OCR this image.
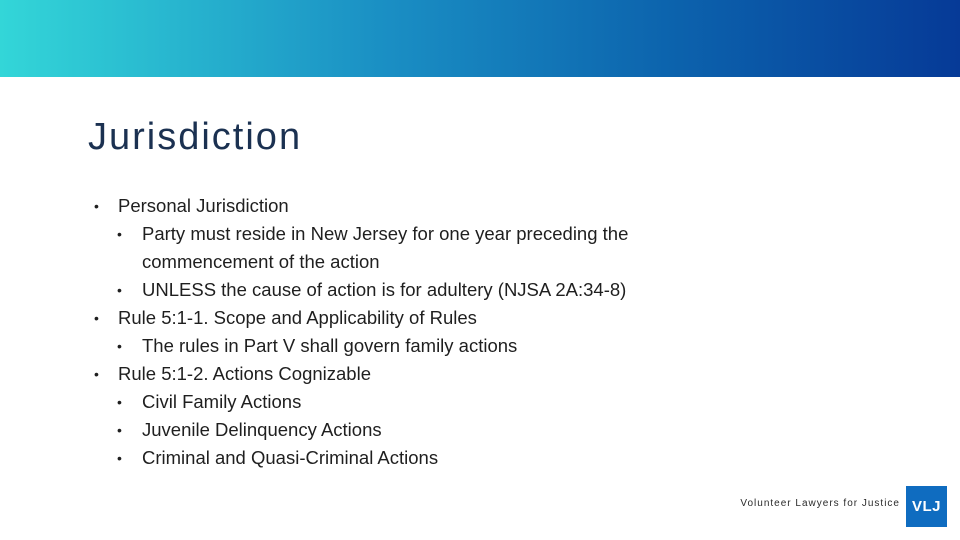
Jurisdiction
• Personal Jurisdiction
• Party must reside in New Jersey for one year preceding the commencement of the action
• UNLESS the cause of action is for adultery (NJSA 2A:34-8)
• Rule 5:1-1. Scope and Applicability of Rules
• The rules in Part V shall govern family actions
• Rule 5:1-2. Actions Cognizable
• Civil Family Actions
• Juvenile Delinquency Actions
• Criminal and Quasi-Criminal Actions
Volunteer Lawyers for Justice VLJ
